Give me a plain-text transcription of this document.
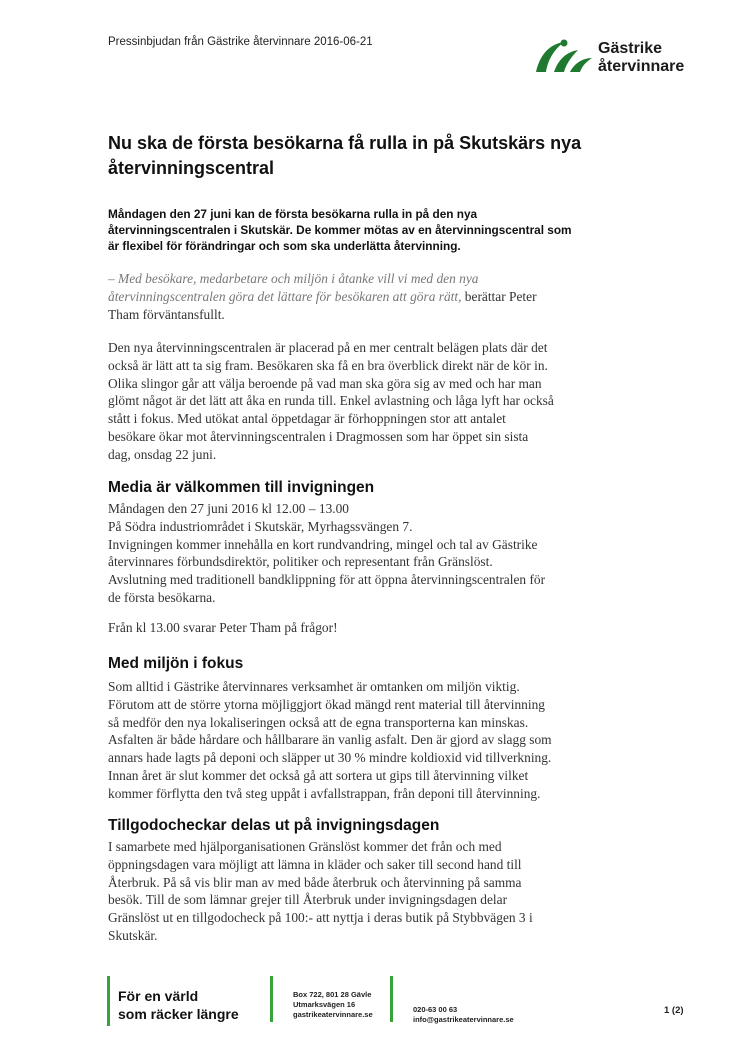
Pressinbjudan från Gästrike återvinnare 2016-06-21	Gästrike
återvinnare
Nu ska de första besökarna få rulla in på Skutskärs nya
återvinningscentral
Måndagen den 27 juni kan de första besökarna rulla in på den nya
återvinningscentralen i Skutskär. De kommer mötas av en återvinningscentral som
är flexibel för förändringar och som ska underlätta återvinning.
– Med besökare, medarbetare och miljön i åtanke vill vi med den nya
återvinningscentralen göra det lättare för besökaren att göra rätt, berättar Peter
Tham förväntansfullt.
Den nya återvinningscentralen är placerad på en mer centralt belägen plats där det
också är lätt att ta sig fram. Besökaren ska få en bra överblick direkt när de kör in.
Olika slingor går att välja beroende på vad man ska göra sig av med och har man
glömt något är det lätt att åka en runda till. Enkel avlastning och låga lyft har också
stått i fokus. Med utökat antal öppetdagar är förhoppningen stor att antalet
besökare ökar mot återvinningscentralen i Dragmossen som har öppet sin sista
dag, onsdag 22 juni.
Media är välkommen till invigningen
Måndagen den 27 juni 2016 kl 12.00 – 13.00
På Södra industriområdet i Skutskär, Myrhagssvängen 7.
Invigningen kommer innehålla en kort rundvandring, mingel och tal av Gästrike
återvinnares förbundsdirektör, politiker och representant från Gränslöst.
Avslutning med traditionell bandklippning för att öppna återvinningscentralen för
de första besökarna.
Från kl 13.00 svarar Peter Tham på frågor!
Med miljön i fokus
Som alltid i Gästrike återvinnares verksamhet är omtanken om miljön viktig.
Förutom att de större ytorna möjliggjort ökad mängd rent material till återvinning
så medför den nya lokaliseringen också att de egna transporterna kan minskas.
Asfalten är både hårdare och hållbarare än vanlig asfalt. Den är gjord av slagg som
annars hade lagts på deponi och släpper ut 30 % mindre koldioxid vid tillverkning.
Innan året är slut kommer det också gå att sortera ut gips till återvinning vilket
kommer förflytta den två steg uppåt i avfallstrappan, från deponi till återvinning.
Tillgodocheckar delas ut på invigningsdagen
I samarbete med hjälporganisationen Gränslöst kommer det från och med
öppningsdagen vara möjligt att lämna in kläder och saker till second hand till
Återbruk. På så vis blir man av med både återbruk och återvinning på samma
besök. Till de som lämnar grejer till Återbruk under invigningsdagen delar
Gränslöst ut en tillgodocheck på 100:- att nyttja i deras butik på Stybbvägen 3 i
Skutskär.
För en värld
som räcker längre
Box 722, 801 28 Gävle
Utmarksvägen 16
gastrikeatervinnare.se
020-63 00 63
info@gastrikeatervinnare.se
1 (2)
